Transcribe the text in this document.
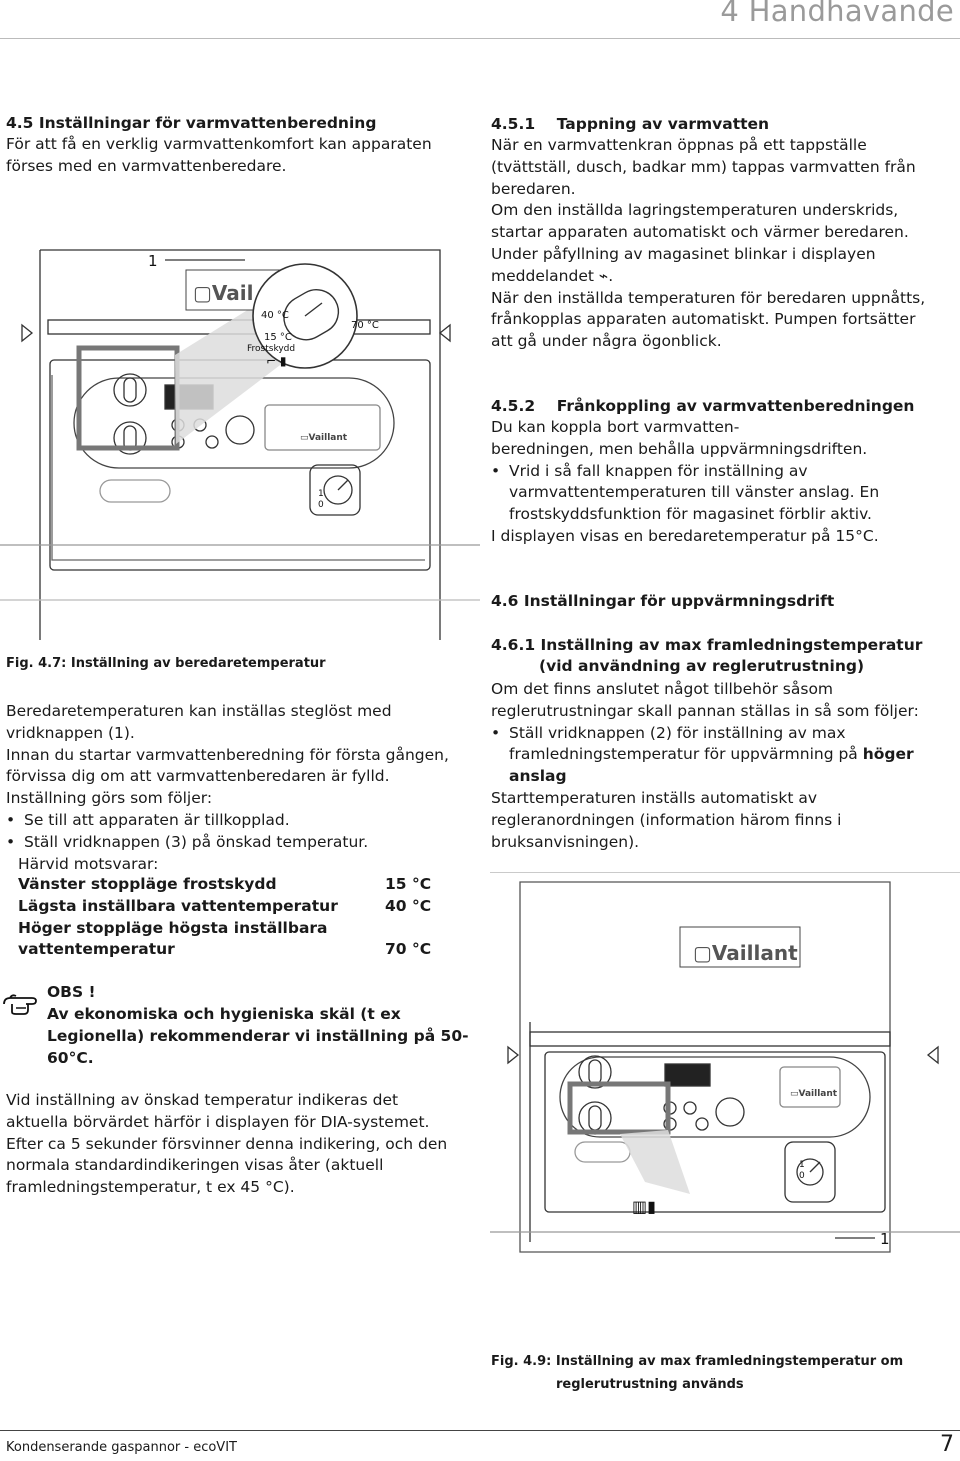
4 Handhavande
4.5 Inställningar för varmvattenberedning
För att få en verklig varmvattenkomfort kan apparaten
förses med en varmvattenberedare.
▭Vaillant
1
▢Vail
40 °C
70 °C
15 °C
Frostskydd
⌐ ▮
1
0
Fig. 4.7: Inställning av beredaretemperatur
Beredaretemperaturen kan inställas steglöst med
vridknappen (1).
Innan du startar varmvattenberedning för första gången,
förvissa dig om att varmvattenberedaren är fylld.
Inställning görs som följer:
• Se till att apparaten är tillkopplad.
• Ställ vridknappen (3) på önskad temperatur.
Härvid motsvarar:
Vänster stoppläge frostskydd	15 °C
Lägsta inställbara vattentemperatur	40 °C
Höger stoppläge högsta inställbara	
vattentemperatur	70 °C
OBS !
Av ekonomiska och hygieniska skäl (t ex
Legionella) rekommenderar vi inställning på 50-
60°C.
Vid inställning av önskad temperatur indikeras det
aktuella börvärdet härför i displayen för DIA-systemet.
Efter ca 5 sekunder försvinner denna indikering, och den
normala standardindikeringen visas åter (aktuell
framledningstemperatur, t ex 45 °C).
4.5.1    Tappning av varmvatten
När en varmvattenkran öppnas på ett tappställe
(tvättställ, dusch, badkar mm) tappas varmvatten från
beredaren.
Om den inställda lagringstemperaturen underskrids,
startar apparaten automatiskt och värmer beredaren.
Under påfyllning av magasinet blinkar i displayen
meddelandet ⌁.
När den inställda temperaturen för beredaren uppnåtts,
frånkopplas apparaten automatiskt. Pumpen fortsätter
att gå under några ögonblick.
4.5.2    Frånkoppling av varmvattenberedningen
Du kan koppla bort varmvatten-
beredningen, men behålla uppvärmningsdriften.
• Vrid i så fall knappen för inställning av
varmvattentemperaturen till vänster anslag. En
frostskyddsfunktion för magasinet förblir aktiv.
I displayen visas en beredaretemperatur på 15°C.
4.6 Inställningar för uppvärmningsdrift
4.6.1 Inställning av max framledningstemperatur
(vid användning av reglerutrustning)
Om det finns anslutet något tillbehör såsom
reglerutrustningar skall pannan ställas in så som följer:
• Ställ vridknappen (2) för inställning av max
framledningstemperatur för uppvärmning på höger
anslag
Starttemperaturen inställs automatiskt av
regleranordningen (information härom finns i
bruksanvisningen).
▭Vaillant
▢Vaillant
▥▮
1
1
0
Fig. 4.9: Inställning av max framledningstemperatur om
reglerutrustning används
Kondenserande gaspannor - ecoVIT	7
